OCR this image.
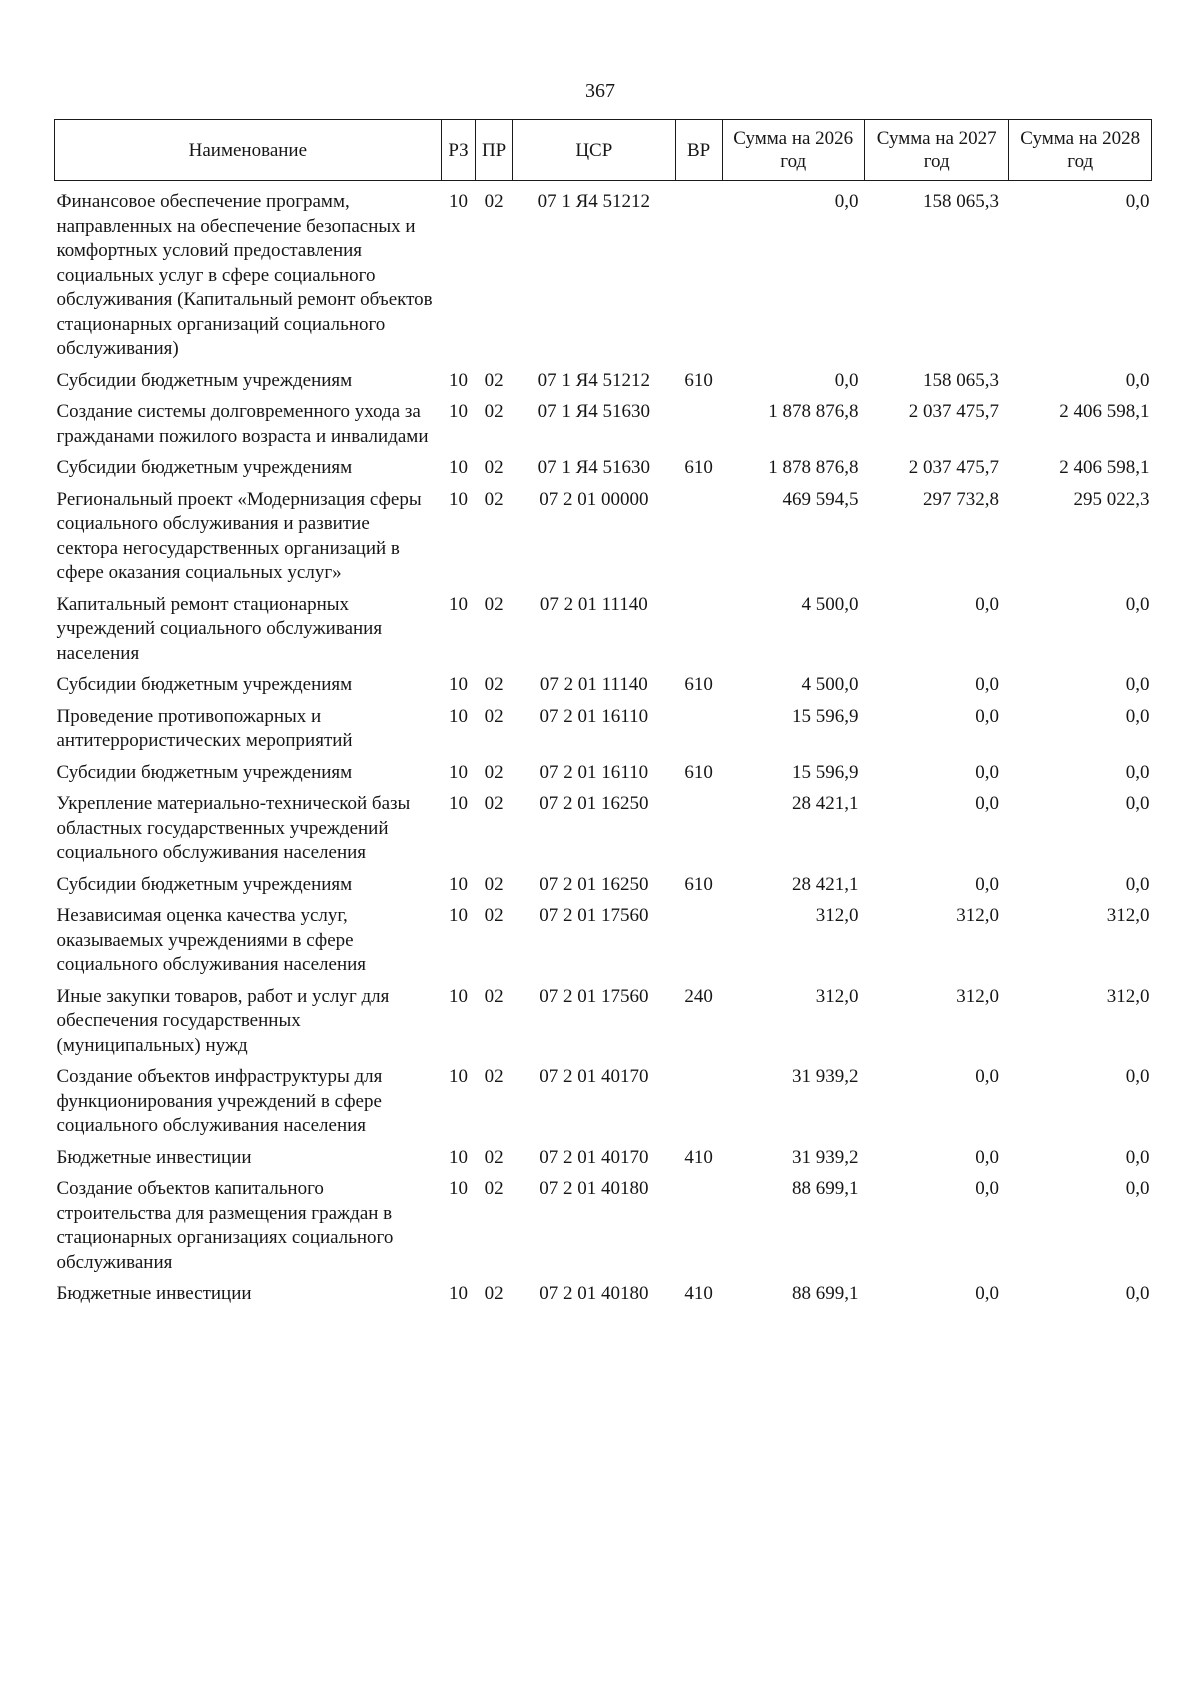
367
Наименование	РЗ	ПР	ЦСР	ВР	Сумма на 2026 год	Сумма на 2027 год	Сумма на 2028 год
Финансовое обеспечение программ, направленных на обеспечение безопасных и комфортных условий предоставления социальных услуг в сфере социального обслуживания (Капитальный ремонт объектов стационарных организаций социального обслуживания)	10	02	07 1 Я4 51212		0,0	158 065,3	0,0
Субсидии бюджетным учреждениям	10	02	07 1 Я4 51212	610	0,0	158 065,3	0,0
Создание системы долговременного ухода за гражданами пожилого возраста и инвалидами	10	02	07 1 Я4 51630		1 878 876,8	2 037 475,7	2 406 598,1
Субсидии бюджетным учреждениям	10	02	07 1 Я4 51630	610	1 878 876,8	2 037 475,7	2 406 598,1
Региональный проект «Модернизация сферы социального обслуживания и развитие сектора негосударственных организаций в сфере оказания социальных услуг»	10	02	07 2 01 00000		469 594,5	297 732,8	295 022,3
Капитальный ремонт стационарных учреждений социального обслуживания населения	10	02	07 2 01 11140		4 500,0	0,0	0,0
Субсидии бюджетным учреждениям	10	02	07 2 01 11140	610	4 500,0	0,0	0,0
Проведение противопожарных и антитеррористических мероприятий	10	02	07 2 01 16110		15 596,9	0,0	0,0
Субсидии бюджетным учреждениям	10	02	07 2 01 16110	610	15 596,9	0,0	0,0
Укрепление материально-технической базы областных государственных учреждений социального обслуживания населения	10	02	07 2 01 16250		28 421,1	0,0	0,0
Субсидии бюджетным учреждениям	10	02	07 2 01 16250	610	28 421,1	0,0	0,0
Независимая оценка качества услуг, оказываемых учреждениями в сфере социального обслуживания населения	10	02	07 2 01 17560		312,0	312,0	312,0
Иные закупки товаров, работ и услуг для обеспечения государственных (муниципальных) нужд	10	02	07 2 01 17560	240	312,0	312,0	312,0
Создание объектов инфраструктуры для функционирования учреждений в сфере социального обслуживания населения	10	02	07 2 01 40170		31 939,2	0,0	0,0
Бюджетные инвестиции	10	02	07 2 01 40170	410	31 939,2	0,0	0,0
Создание объектов капитального строительства для размещения граждан в стационарных организациях социального обслуживания	10	02	07 2 01 40180		88 699,1	0,0	0,0
Бюджетные инвестиции	10	02	07 2 01 40180	410	88 699,1	0,0	0,0
